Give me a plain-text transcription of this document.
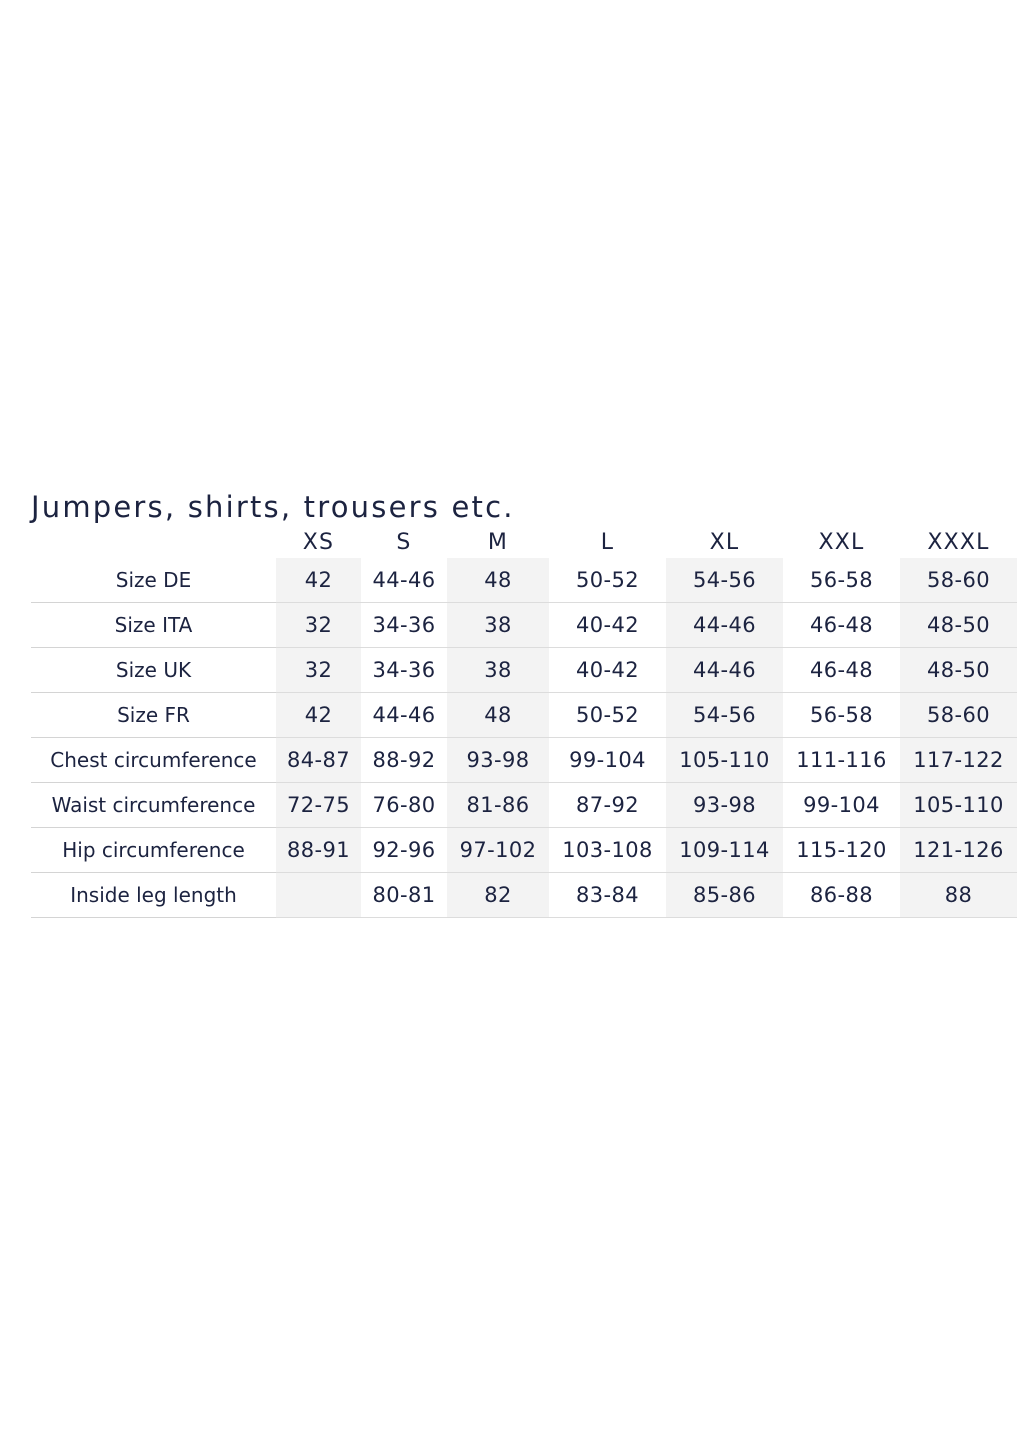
Jumpers, shirts, trousers etc.
	XS	S	M	L	XL	XXL	XXXL
Size DE	42	44-46	48	50-52	54-56	56-58	58-60
Size ITA	32	34-36	38	40-42	44-46	46-48	48-50
Size UK	32	34-36	38	40-42	44-46	46-48	48-50
Size FR	42	44-46	48	50-52	54-56	56-58	58-60
Chest circumference	84-87	88-92	93-98	99-104	105-110	111-116	117-122
Waist circumference	72-75	76-80	81-86	87-92	93-98	99-104	105-110
Hip circumference	88-91	92-96	97-102	103-108	109-114	115-120	121-126
Inside leg length		80-81	82	83-84	85-86	86-88	88
